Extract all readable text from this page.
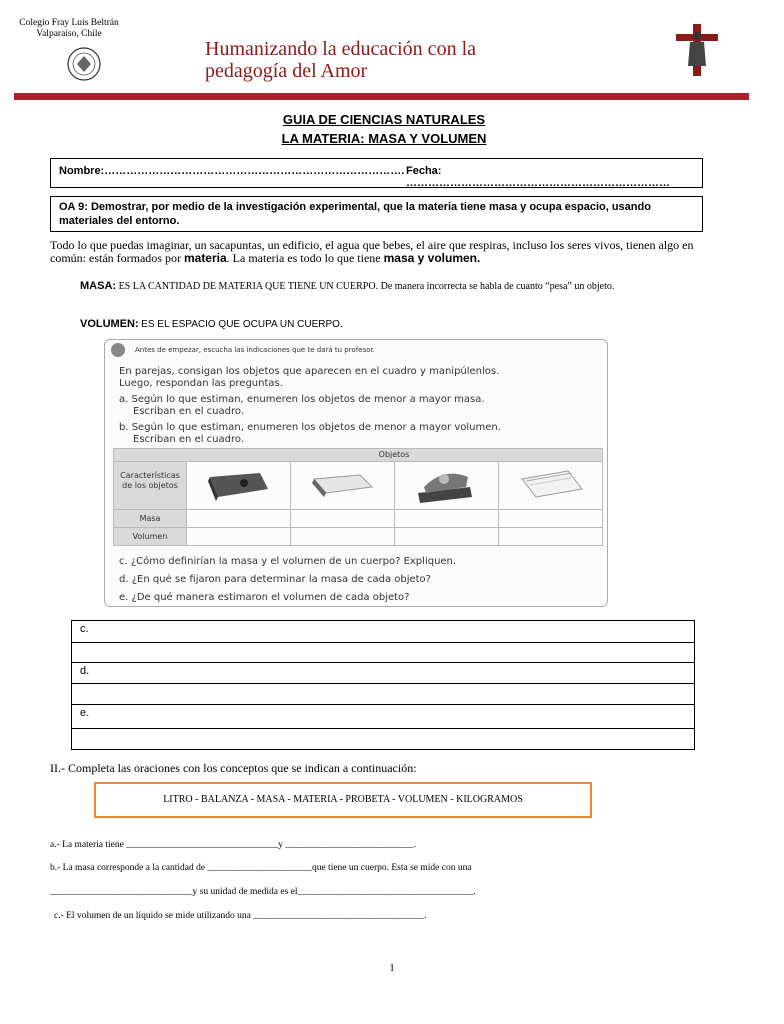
Colegio Fray Luis Beltrán
Valparaíso, Chile
Humanizando la educación con la pedagogía del Amor
GUIA DE CIENCIAS NATURALES
LA MATERIA: MASA Y VOLUMEN
Nombre:………………………………………………………………………. Fecha: ………………………………………………………………
OA 9: Demostrar, por medio de la investigación experimental, que la materia tiene masa y ocupa espacio, usando materiales del entorno.
Todo lo que puedas imaginar, un sacapuntas, un edificio, el agua que bebes, el aire que respiras, incluso los seres vivos, tienen algo en común: están formados por materia. La materia es todo lo que tiene masa y volumen.
MASA: ES LA CANTIDAD DE MATERIA QUE TIENE UN CUERPO. De manera incorrecta se habla de cuanto “pesa” un objeto.
VOLUMEN: ES EL ESPACIO QUE OCUPA UN CUERPO.
Antes de empezar, escucha las indicaciones que te dará tu profesor.
En parejas, consigan los objetos que aparecen en el cuadro y manipúlenlos.
Luego, respondan las preguntas.
a. Según lo que estiman, enumeren los objetos de menor a mayor masa.
Escriban en el cuadro.
b. Según lo que estiman, enumeren los objetos de menor a mayor volumen.
Escriban en el cuadro.
Objetos
Características
de los objetos
Masa
Volumen
c. ¿Cómo definirían la masa y el volumen de un cuerpo? Expliquen.
d. ¿En qué se fijaron para determinar la masa de cada objeto?
e. ¿De qué manera estimaron el volumen de cada objeto?
c.
d.
e.
II.- Completa las oraciones con los conceptos que se indican a continuación:
LITRO - BALANZA - MASA - MATERIA - PROBETA - VOLUMEN - KILOGRAMOS
a.- La materia tiene ________________________________y ___________________________.
b.- La masa corresponde a la cantidad de ______________________que tiene un cuerpo. Esta se mide con una
______________________________y su unidad de medida es el_____________________________________.
c.- El volumen de un líquido se mide utilizando una ____________________________________.
1
